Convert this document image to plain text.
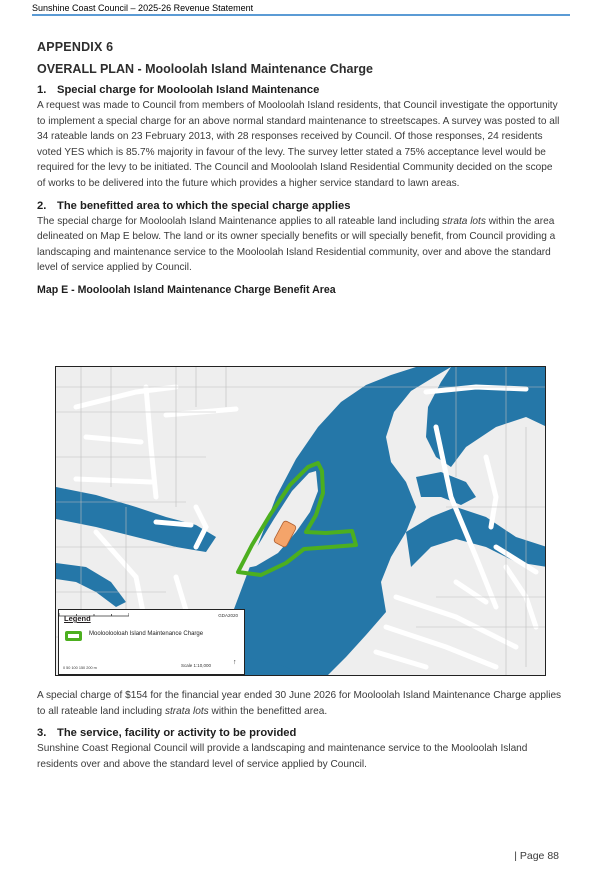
Sunshine Coast Council – 2025-26 Revenue Statement
APPENDIX 6
OVERALL PLAN - Mooloolah Island Maintenance Charge
1. Special charge for Mooloolah Island Maintenance

A request was made to Council from members of Mooloolah Island residents, that Council investigate the opportunity to implement a special charge for an above normal standard maintenance to streetscapes. A survey was posted to all 34 rateable lands on 23 February 2013, with 28 responses received by Council. Of those responses, 24 residents voted YES which is 85.7% majority in favour of the levy. The survey letter stated a 75% acceptance level would be required for the levy to be initiated. The Council and Mooloolah Island Residential Community decided on the scope of works to be delivered into the future which provides a higher service standard to lawn areas.

2. The benefitted area to which the special charge applies

The special charge for Mooloolah Island Maintenance applies to all rateable land including strata lots within the area delineated on Map E below. The land or its owner specially benefits or will specially benefit, from Council providing a landscaping and maintenance service to the Mooloolah Island Residential community, over and above the standard level of service applied by Council.

Map E - Mooloolah Island Maintenance Charge Benefit Area
Legend	GDA2020
Mooloolooloah Island Maintenance Charge
0 50 100 150 200 m	Scale 1:10,000	↑

A special charge of $154 for the financial year ended 30 June 2026 for Mooloolah Island Maintenance Charge applies to all rateable land including strata lots within the benefitted area.

3. The service, facility or activity to be provided

Sunshine Coast Regional Council will provide a landscaping and maintenance service to the Mooloolah Island residents over and above the standard level of service applied by Council.

| Page 88
